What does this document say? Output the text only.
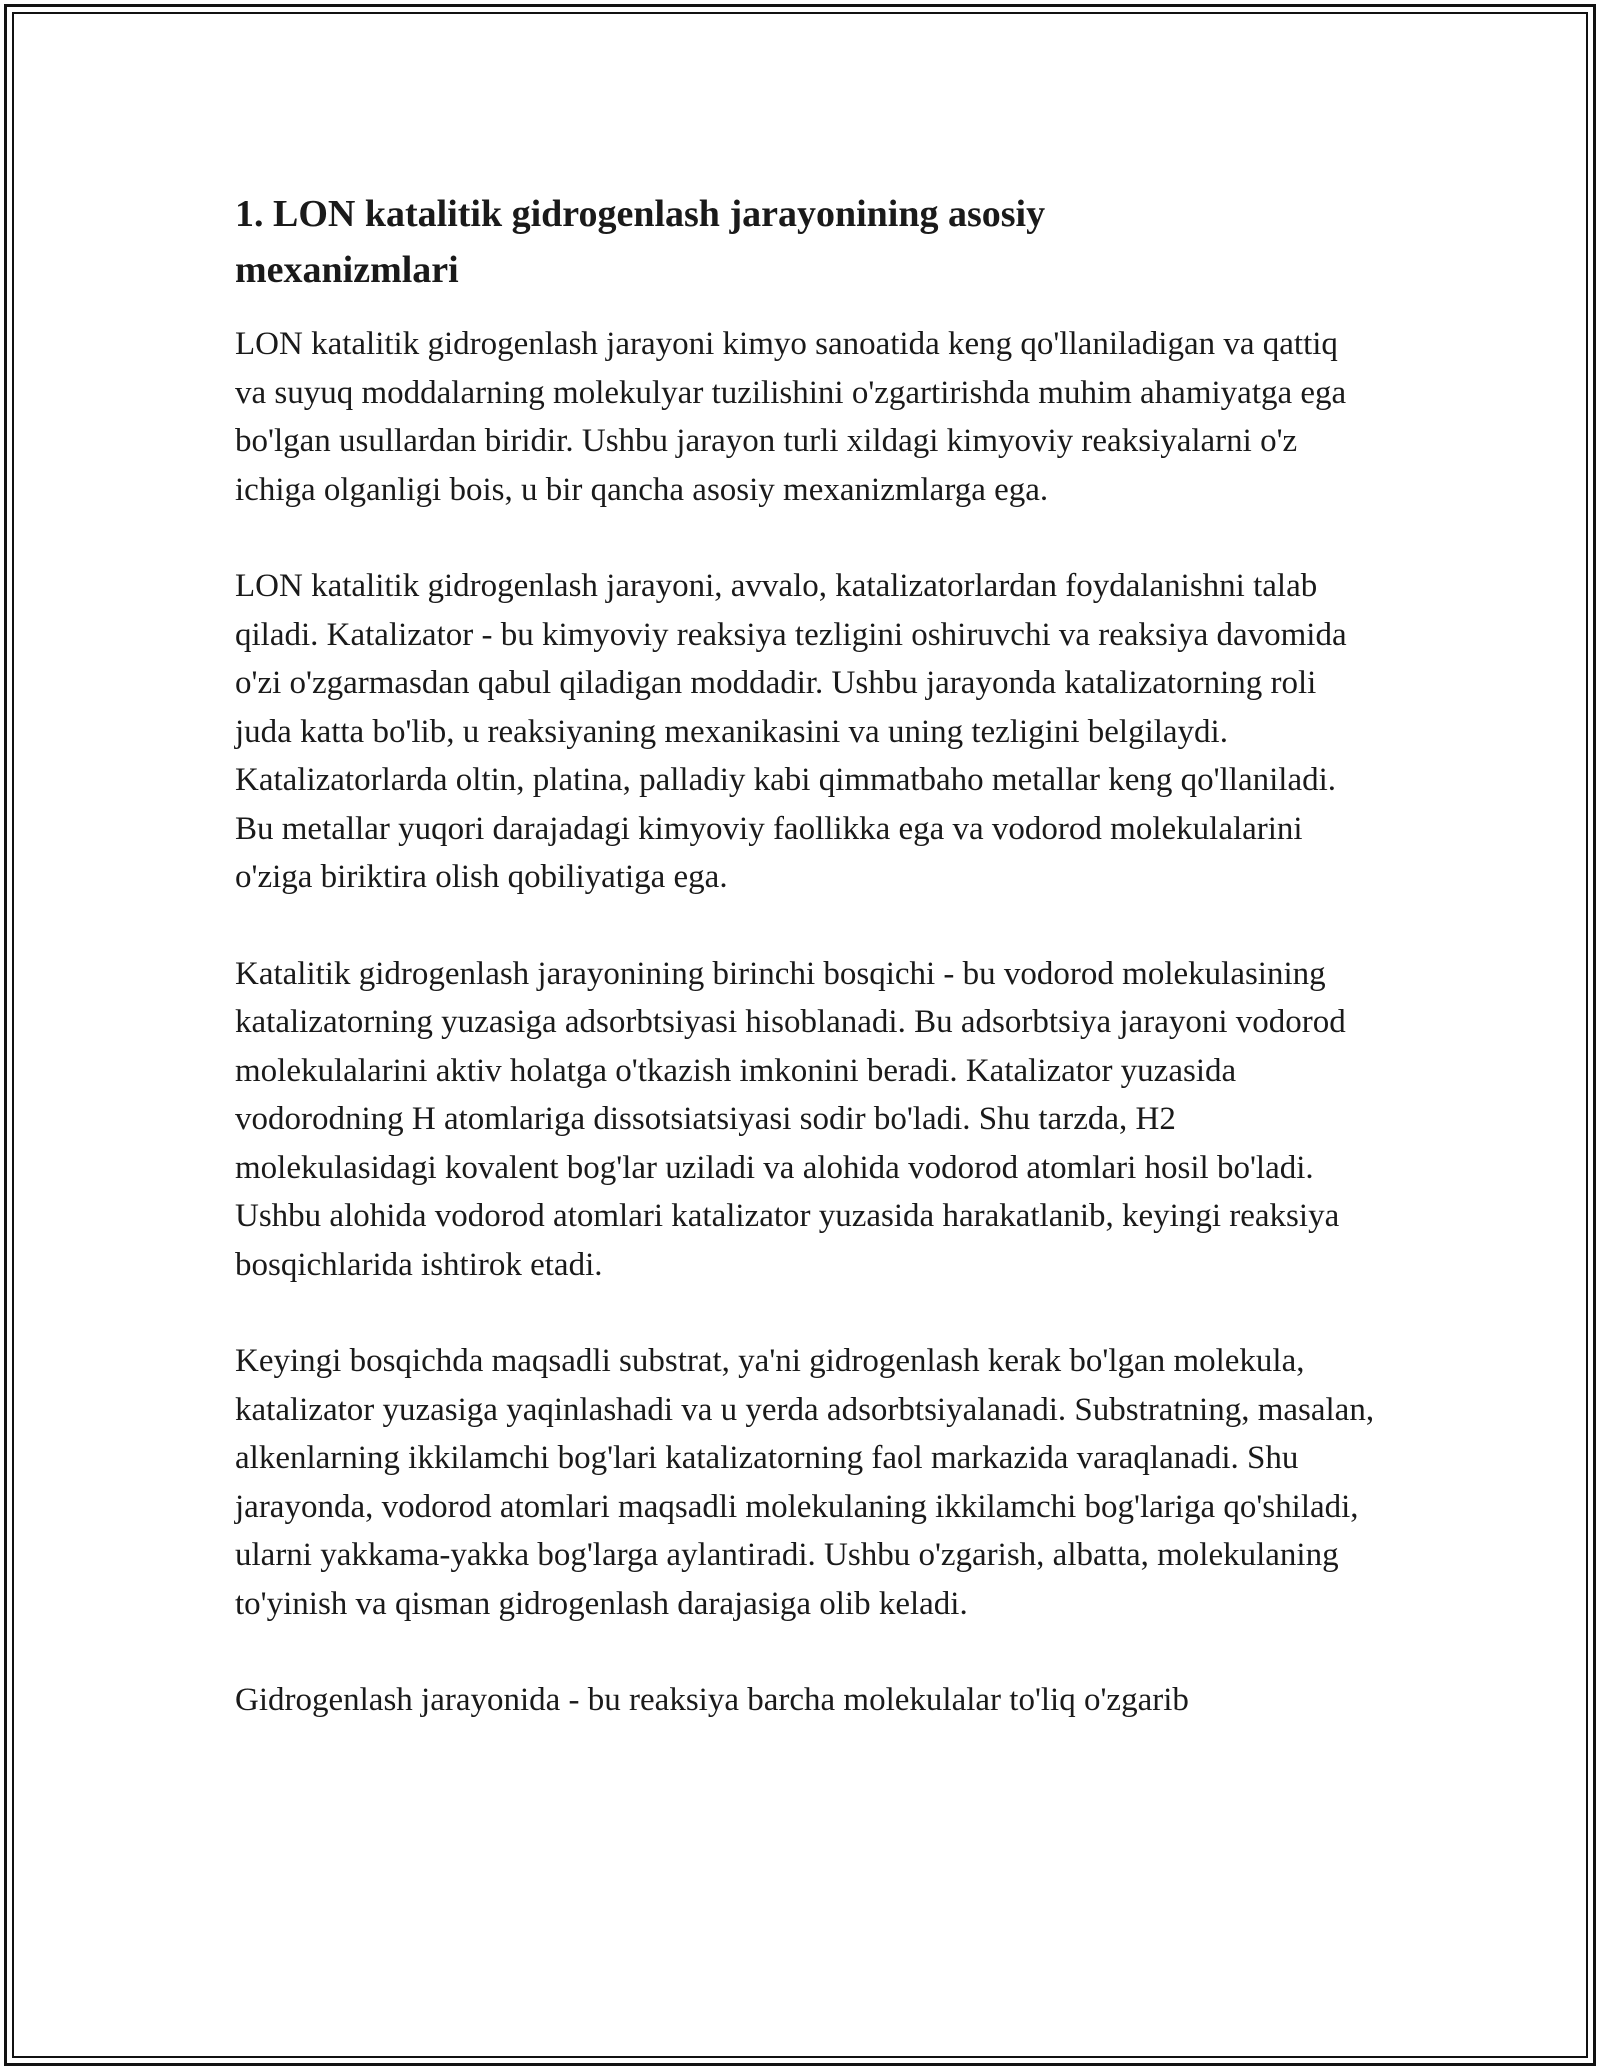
1. LON katalitik gidrogenlash jarayonining asosiy mexanizmlari

LON katalitik gidrogenlash jarayoni kimyo sanoatida keng qo'llaniladigan va qattiq va suyuq moddalarning molekulyar tuzilishini o'zgartirishda muhim ahamiyatga ega bo'lgan usullardan biridir. Ushbu jarayon turli xildagi kimyoviy reaksiyalarni o'z ichiga olganligi bois, u bir qancha asosiy mexanizmlarga ega.

LON katalitik gidrogenlash jarayoni, avvalo, katalizatorlardan foydalanishni talab qiladi. Katalizator - bu kimyoviy reaksiya tezligini oshiruvchi va reaksiya davomida o'zi o'zgarmasdan qabul qiladigan moddadir. Ushbu jarayonda katalizatorning roli juda katta bo'lib, u reaksiyaning mexanikasini va uning tezligini belgilaydi. Katalizatorlarda oltin, platina, palladiy kabi qimmatbaho metallar keng qo'llaniladi. Bu metallar yuqori darajadagi kimyoviy faollikka ega va vodorod molekulalarini o'ziga biriktira olish qobiliyatiga ega.

Katalitik gidrogenlash jarayonining birinchi bosqichi - bu vodorod molekulasining katalizatorning yuzasiga adsorbtsiyasi hisoblanadi. Bu adsorbtsiya jarayoni vodorod molekulalarini aktiv holatga o'tkazish imkonini beradi. Katalizator yuzasida vodorodning H atomlariga dissotsiatsiyasi sodir bo'ladi. Shu tarzda, H2 molekulasidagi kovalent bog'lar uziladi va alohida vodorod atomlari hosil bo'ladi. Ushbu alohida vodorod atomlari katalizator yuzasida harakatlanib, keyingi reaksiya bosqichlarida ishtirok etadi.

Keyingi bosqichda maqsadli substrat, ya'ni gidrogenlash kerak bo'lgan molekula, katalizator yuzasiga yaqinlashadi va u yerda adsorbtsiyalanadi. Substratning, masalan, alkenlarning ikkilamchi bog'lari katalizatorning faol markazida varaqlanadi. Shu jarayonda, vodorod atomlari maqsadli molekulaning ikkilamchi bog'lariga qo'shiladi, ularni yakkama-yakka bog'larga aylantiradi. Ushbu o'zgarish, albatta, molekulaning to'yinish va qisman gidrogenlash darajasiga olib keladi.

Gidrogenlash jarayonida - bu reaksiya barcha molekulalar to'liq o'zgarib
